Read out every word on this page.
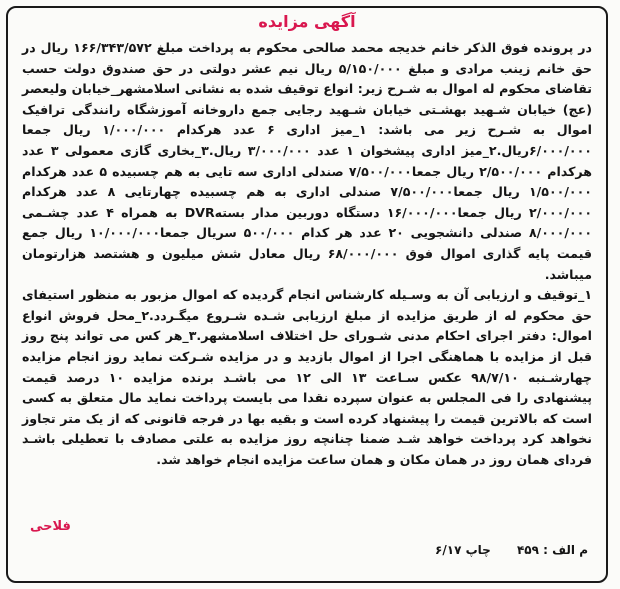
آگهی مزایده

در پرونده فوق الذکر خانم خدیجه محمد صالحی محکوم به پرداخت مبلغ ۱۶۶/۳۴۳/۵۷۲ ریال در حق خانم زینب مرادی و مبلغ ۵/۱۵۰/۰۰۰ ریال نیم عشر دولتی در حق صندوق دولت حسب تقاضای محکوم له اموال به شـرح زیر: انواع توقیف شده به نشانی اسلامشهر_خیابان ولیعصر (عج) خیابان شـهید بهشـتی خیابان شـهید رجایی جمع داروخانه آموزشگاه رانندگی ترافیک اموال به شـرح زیر می باشد: ۱_میز اداری ۶ عدد هرکدام ۱/۰۰۰/۰۰۰ ریال جمعا ۶/۰۰۰/۰۰۰ریال.۲_میز اداری پیشخوان ۱ عدد ۳/۰۰۰/۰۰۰ ریال.۳_بخاری گازی معمولی ۳ عدد هرکدام ۲/۵۰۰/۰۰۰ ریال جمعا۷/۵۰۰/۰۰۰ صندلی اداری سه تایی به هم چسبیده ۵ عدد هرکدام ۱/۵۰۰/۰۰۰ ریال جمعا۷/۵۰۰/۰۰۰ صندلی اداری به هم چسبیده چهارتایی ۸ عدد هرکدام ۲/۰۰۰/۰۰۰ ریال جمعا۱۶/۰۰۰/۰۰۰ دستگاه دوربین مدار بستهDVR به همراه ۴ عدد چشـمی ۸/۰۰۰/۰۰۰ صندلی دانشجویی ۲۰ عدد هر کدام ۵۰۰/۰۰۰ سریال جمعا۱۰/۰۰۰/۰۰۰ ریال جمع قیمت پایه گذاری اموال فوق ۶۸/۰۰۰/۰۰۰ ریال معادل شش میلیون و هشتصد هزارتومان میباشد.

۱_توقیف و ارزیابی آن به وسـیله کارشناس انجام گردیده که اموال مزبور به منظور استیفای حق محکوم له از طریق مزایده از مبلغ ارزیابی شـده شـروع میگـردد.۲_محل فروش انواع اموال: دفتر اجرای احکام مدنی شـورای حل اختلاف اسلامشهر.۳_هر کس می تواند پنج روز قبل از مزایده با هماهنگی اجرا از اموال بازدید و در مزایده شـرکت نماید روز انجام مزایده چهارشـنبه ۹۸/۷/۱۰ عکس سـاعت ۱۳ الی ۱۲ می باشـد برنده مزایده ۱۰ درصد قیمت پیشنهادی را فی المجلس به عنوان سپرده نقدا می بایست پرداخت نماید مال متعلق به کسی است که بالاترین قیمت را پیشنهاد کرده است و بقیه بها در فرجه قانونی که از یک متر تجاوز نخواهد کرد پرداخت خواهد شـد ضمنا چنانچه روز مزایده به علتی مصادف با تعطیلی باشـد فردای همان روز در همان مکان و همان ساعت مزایده انجام خواهد شد.

فلاحی
م الف : ۴۵۹ چاپ ۶/۱۷
